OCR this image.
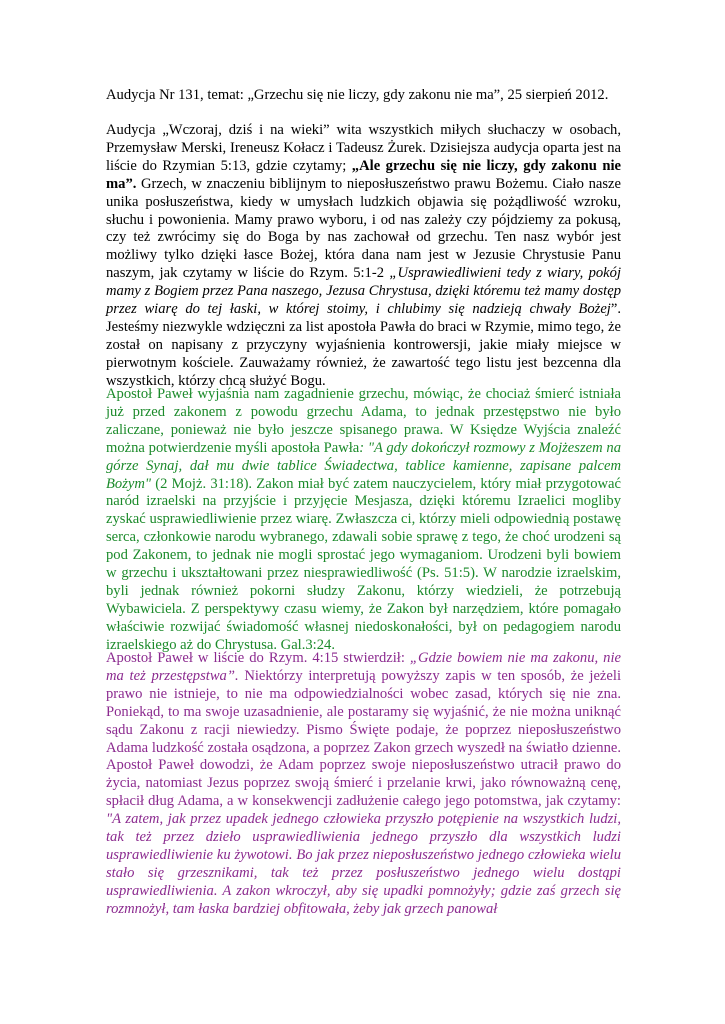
Audycja Nr 131, temat: „Grzechu się nie liczy, gdy zakonu nie ma”, 25 sierpień 2012.
Audycja „Wczoraj, dziś i na wieki” wita wszystkich miłych słuchaczy w osobach, Przemysław Merski, Ireneusz Kołacz i Tadeusz Żurek. Dzisiejsza audycja oparta jest na liście do Rzymian 5:13, gdzie czytamy; „Ale grzechu się nie liczy, gdy zakonu nie ma”. Grzech, w znaczeniu biblijnym to nieposłuszeństwo prawu Bożemu. Ciało nasze unika posłuszeństwa, kiedy w umysłach ludzkich objawia się pożądliwość wzroku, słuchu i powonienia. Mamy prawo wyboru, i od nas zależy czy pójdziemy za pokusą, czy też zwrócimy się do Boga by nas zachował od grzechu. Ten nasz wybór jest możliwy tylko dzięki łasce Bożej, która dana nam jest w Jezusie Chrystusie Panu naszym, jak czytamy w liście do Rzym. 5:1-2 „Usprawiedliwieni tedy z wiary, pokój mamy z Bogiem przez Pana naszego, Jezusa Chrystusa, dzięki któremu też mamy dostęp przez wiarę do tej łaski, w której stoimy, i chlubimy się nadzieją chwały Bożej”. Jesteśmy niezwykle wdzięczni za list apostoła Pawła do braci w Rzymie, mimo tego, że został on napisany z przyczyny wyjaśnienia kontrowersji, jakie miały miejsce w pierwotnym kościele. Zauważamy również, że zawartość tego listu jest bezcenna dla wszystkich, którzy chcą służyć Bogu.
Apostoł Paweł wyjaśnia nam zagadnienie grzechu, mówiąc, że chociaż śmierć istniała już przed zakonem z powodu grzechu Adama, to jednak przestępstwo nie było zaliczane, ponieważ nie było jeszcze spisanego prawa. W Księdze Wyjścia znaleźć można potwierdzenie myśli apostoła Pawła: "A gdy dokończył rozmowy z Mojżeszem na górze Synaj, dał mu dwie tablice Świadectwa, tablice kamienne, zapisane palcem Bożym" (2 Mojż. 31:18). Zakon miał być zatem nauczycielem, który miał przygotować naród izraelski na przyjście i przyjęcie Mesjasza, dzięki któremu Izraelici mogliby zyskać usprawiedliwienie przez wiarę. Zwłaszcza ci, którzy mieli odpowiednią postawę serca, członkowie narodu wybranego, zdawali sobie sprawę z tego, że choć urodzeni są pod Zakonem, to jednak nie mogli sprostać jego wymaganiom. Urodzeni byli bowiem w grzechu i ukształtowani przez niesprawiedliwość (Ps. 51:5). W narodzie izraelskim, byli jednak również pokorni słudzy Zakonu, którzy wiedzieli, że potrzebują Wybawiciela. Z perspektywy czasu wiemy, że Zakon był narzędziem, które pomagało właściwie rozwijać świadomość własnej niedoskonałości, był on pedagogiem narodu izraelskiego aż do Chrystusa. Gal.3:24.
Apostoł Paweł w liście do Rzym. 4:15 stwierdził: „Gdzie bowiem nie ma zakonu, nie ma też przestępstwa”. Niektórzy interpretują powyższy zapis w ten sposób, że jeżeli prawo nie istnieje, to nie ma odpowiedzialności wobec zasad, których się nie zna. Poniekąd, to ma swoje uzasadnienie, ale postaramy się wyjaśnić, że nie można uniknąć sądu Zakonu z racji niewiedzy. Pismo Święte podaje, że poprzez nieposłuszeństwo Adama ludzkość została osądzona, a poprzez Zakon grzech wyszedł na światło dzienne. Apostoł Paweł dowodzi, że Adam poprzez swoje nieposłuszeństwo utracił prawo do życia, natomiast Jezus poprzez swoją śmierć i przelanie krwi, jako równoważną cenę, spłacił dług Adama, a w konsekwencji zadłużenie całego jego potomstwa, jak czytamy: "A zatem, jak przez upadek jednego człowieka przyszło potępienie na wszystkich ludzi, tak też przez dzieło usprawiedliwienia jednego przyszło dla wszystkich ludzi usprawiedliwienie ku żywotowi. Bo jak przez nieposłuszeństwo jednego człowieka wielu stało się grzesznikami, tak też przez posłuszeństwo jednego wielu dostąpi usprawiedliwienia. A zakon wkroczył, aby się upadki pomnożyły; gdzie zaś grzech się rozmnożył, tam łaska bardziej obfitowała, żeby jak grzech panował
